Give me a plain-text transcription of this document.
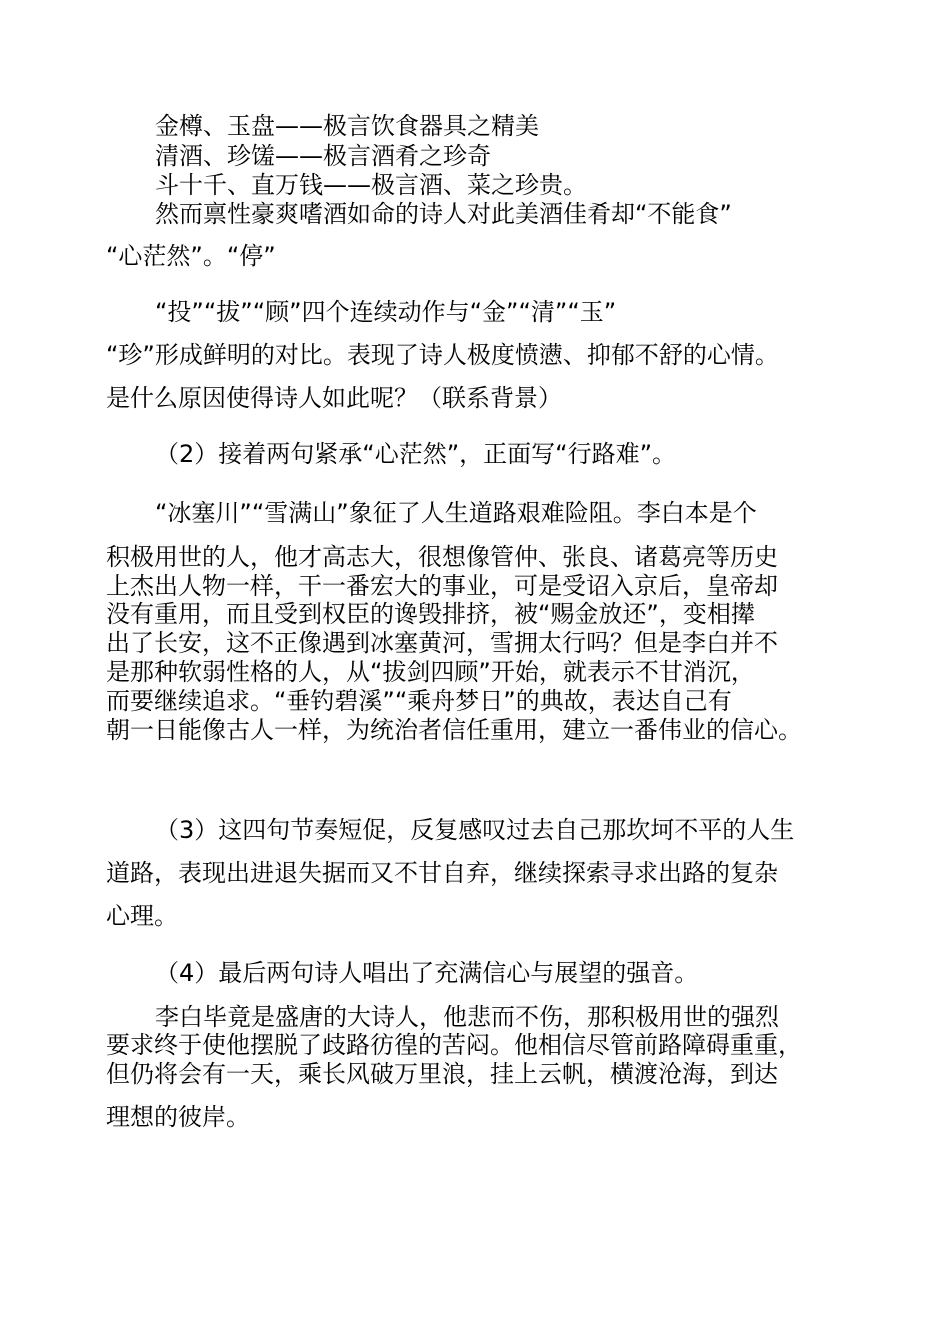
金樽、玉盘——极言饮食器具之精美

清酒、珍馐——极言酒肴之珍奇

斗十千、直万钱——极言酒、菜之珍贵。

然而禀性豪爽嗜酒如命的诗人对此美酒佳肴却“不能食”

“心茫然”。“停”

“投”“拔”“顾”四个连续动作与“金”“清”“玉”

“珍”形成鲜明的对比。表现了诗人极度愤懑、抑郁不舒的心情。

是什么原因使得诗人如此呢？（联系背景）

（2）接着两句紧承“心茫然”，正面写“行路难”。

“冰塞川”“雪满山”象征了人生道路艰难险阻。李白本是个

积极用世的人，他才高志大，很想像管仲、张良、诸葛亮等历史

上杰出人物一样，干一番宏大的事业，可是受诏入京后，皇帝却

没有重用，而且受到权臣的谗毁排挤，被“赐金放还”，变相撵

出了长安，这不正像遇到冰塞黄河，雪拥太行吗？但是李白并不

是那种软弱性格的人，从“拔剑四顾”开始，就表示不甘消沉，

而要继续追求。“垂钓碧溪”“乘舟梦日”的典故，表达自己有

朝一日能像古人一样，为统治者信任重用，建立一番伟业的信心。

（3）这四句节奏短促，反复感叹过去自己那坎坷不平的人生

道路，表现出进退失据而又不甘自弃，继续探索寻求出路的复杂

心理。

（4）最后两句诗人唱出了充满信心与展望的强音。

李白毕竟是盛唐的大诗人，他悲而不伤，那积极用世的强烈

要求终于使他摆脱了歧路彷徨的苦闷。他相信尽管前路障碍重重，

但仍将会有一天，乘长风破万里浪，挂上云帆，横渡沧海，到达

理想的彼岸。
